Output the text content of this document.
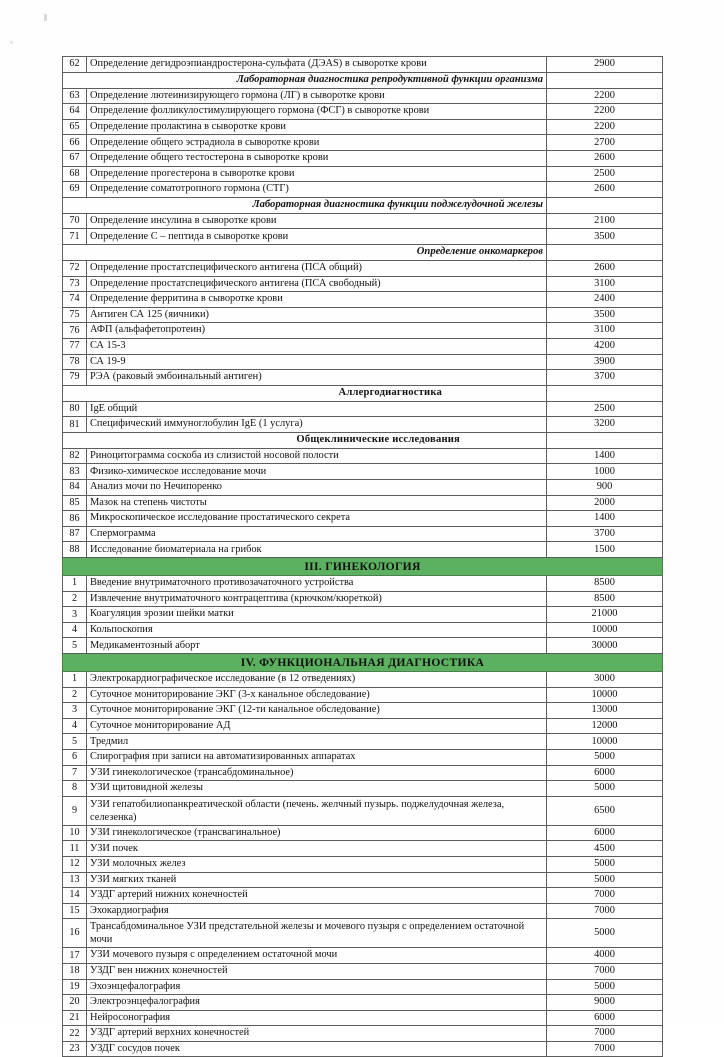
62	Определение дегидроэпиандростерона-сульфата (ДЭАS) в сыворотке крови	2900
Лабораторная диагностика репродуктивной функции организма		
63	Определение лютеинизирующего гормона (ЛГ) в сыворотке крови	2200
64	Определение фолликулостимулирующего гормона (ФСГ) в сыворотке крови	2200
65	Определение пролактина в сыворотке крови	2200
66	Определение общего эстрадиола в сыворотке крови	2700
67	Определение общего тестостерона в сыворотке крови	2600
68	Определение прогестерона в сыворотке крови	2500
69	Определение соматотропного гормона (СТГ)	2600
Лабораторная диагностика функции поджелудочной железы		
70	Определение инсулина в сыворотке крови	2100
71	Определение С – пептида в сыворотке крови	3500
Определение онкомаркеров		
72	Определение простатспецифического антигена (ПСА общий)	2600
73	Определение простатспецифического антигена (ПСА свободный)	3100
74	Определение ферритина в сыворотке крови	2400
75	Антиген СА 125 (яичники)	3500
76	АФП (альфафетопротеин)	3100
77	СА 15-3	4200
78	СА 19-9	3900
79	РЭА (раковый эмбоинальный антиген)	3700
Аллергодиагностика		
80	IgE общий	2500
81	Специфический иммуноглобулин IgE (1 услуга)	3200
Общеклинические исследования		
82	Риноцитограмма соскоба из слизистой носовой полости	1400
83	Физико-химическое исследование мочи	1000
84	Анализ мочи по Нечипоренко	900
85	Мазок на степень чистоты	2000
86	Микроскопическое исследование простатического секрета	1400
87	Спермограмма	3700
88	Исследование биоматериала на грибок	1500

III. ГИНЕКОЛОГИЯ		

1	Введение внутриматочного противозачаточного устройства	8500
2	Извлечение внутриматочного контрацептива (крючком/кюреткой)	8500
3	Коагуляция эрозии шейки матки	21000
4	Кольпоскопия	10000
5	Медикаментозный аборт	30000

IV. ФУНКЦИОНАЛЬНАЯ ДИАГНОСТИКА		

1	Электрокардиографическое исследование (в 12 отведениях)	3000
2	Суточное мониторирование ЭКГ (3-х канальное обследование)	10000
3	Суточное мониторирование ЭКГ (12-ти канальное обследование)	13000
4	Суточное мониторирование АД	12000
5	Тредмил	10000
6	Спирография при записи на автоматизированных аппаратах	5000
7	УЗИ гинекологическое (трансабдоминальное)	6000
8	УЗИ щитовидной железы	5000
9	УЗИ гепатобилиопанкреатической области (печень. желчный пузырь. поджелудочная железа, селезенка)	6500
10	УЗИ гинекологическое (трансвагинальное)	6000
11	УЗИ почек	4500
12	УЗИ молочных желез	5000
13	УЗИ мягких тканей	5000
14	УЗДГ артерий нижних конечностей	7000
15	Эхокардиография	7000
16	Трансабдоминальное УЗИ предстательной железы и мочевого пузыря с определением остаточной мочи	5000
17	УЗИ мочевого пузыря с определением остаточной мочи	4000
18	УЗДГ вен нижних конечностей	7000
19	Эхоэнцефалография	5000
20	Электроэнцефалография	9000
21	Нейросонография	6000
22	УЗДГ артерий верхних конечностей	7000
23	УЗДГ сосудов почек	7000
